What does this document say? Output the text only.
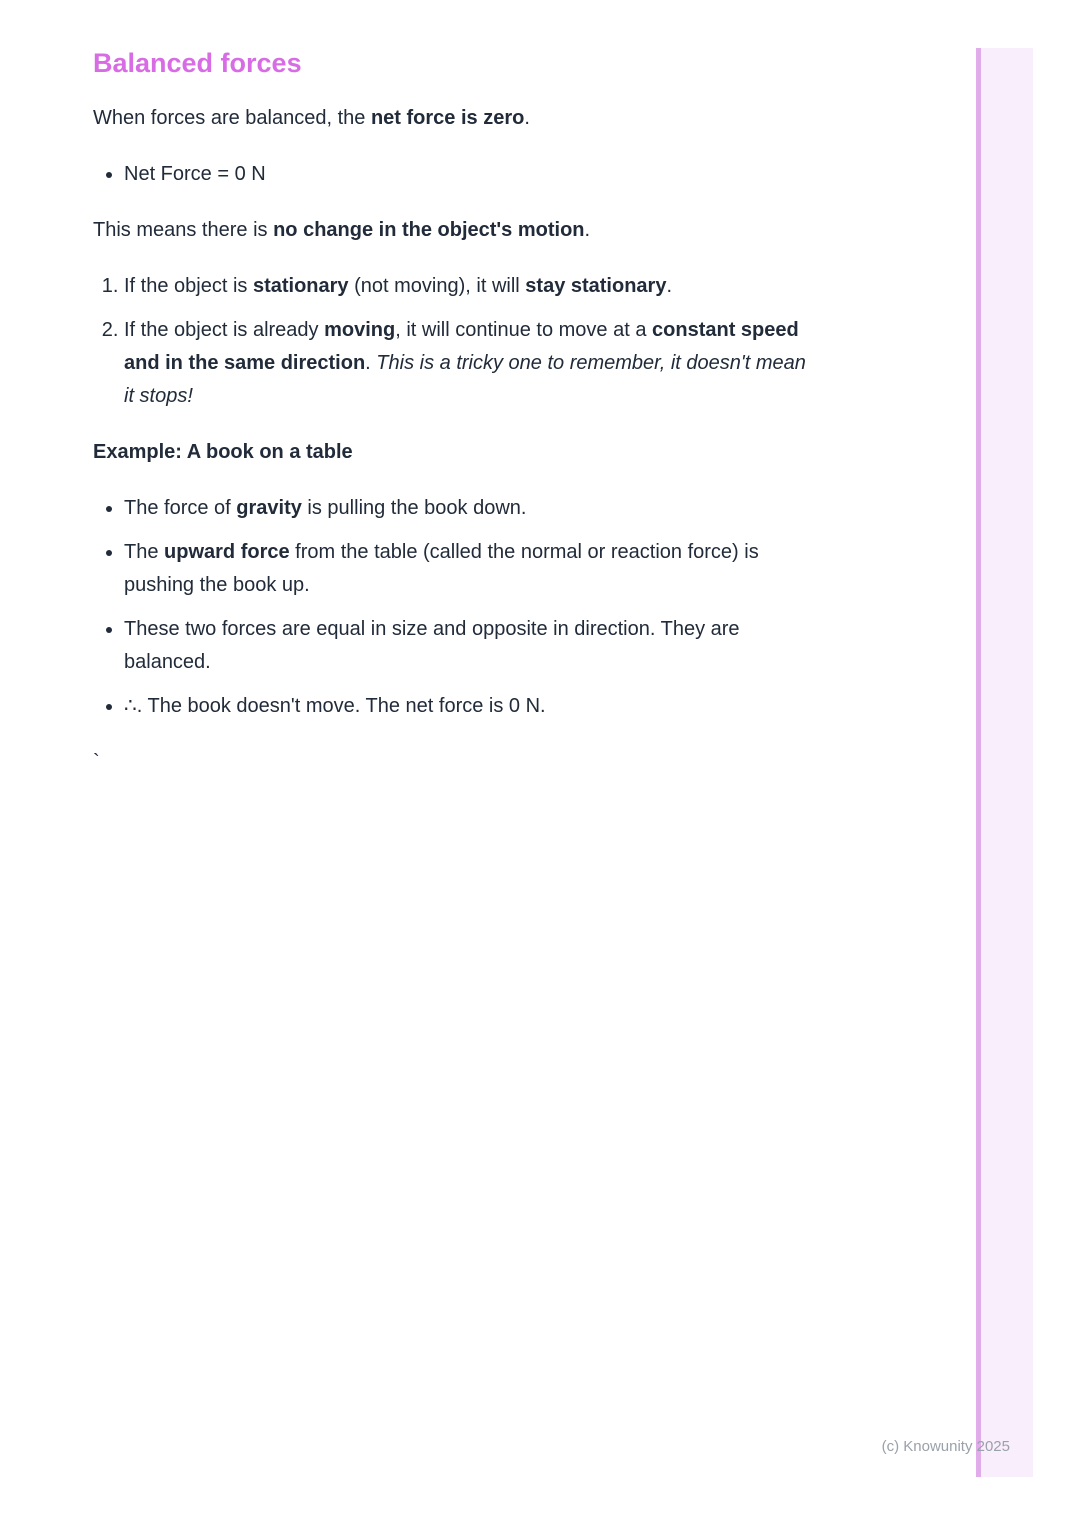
Balanced forces

When forces are balanced, the net force is zero.

• Net Force = 0 N

This means there is no change in the object's motion.

1. If the object is stationary (not moving), it will stay stationary.
2. If the object is already moving, it will continue to move at a constant speed and in the same direction. This is a tricky one to remember, it doesn't mean it stops!
Example: A book on a table
• The force of gravity is pulling the book down.
• The upward force from the table (called the normal or reaction force) is pushing the book up.
• These two forces are equal in size and opposite in direction. They are balanced.
• ∴. The book doesn't move. The net force is 0 N.

`

(c) Knowunity 2025
